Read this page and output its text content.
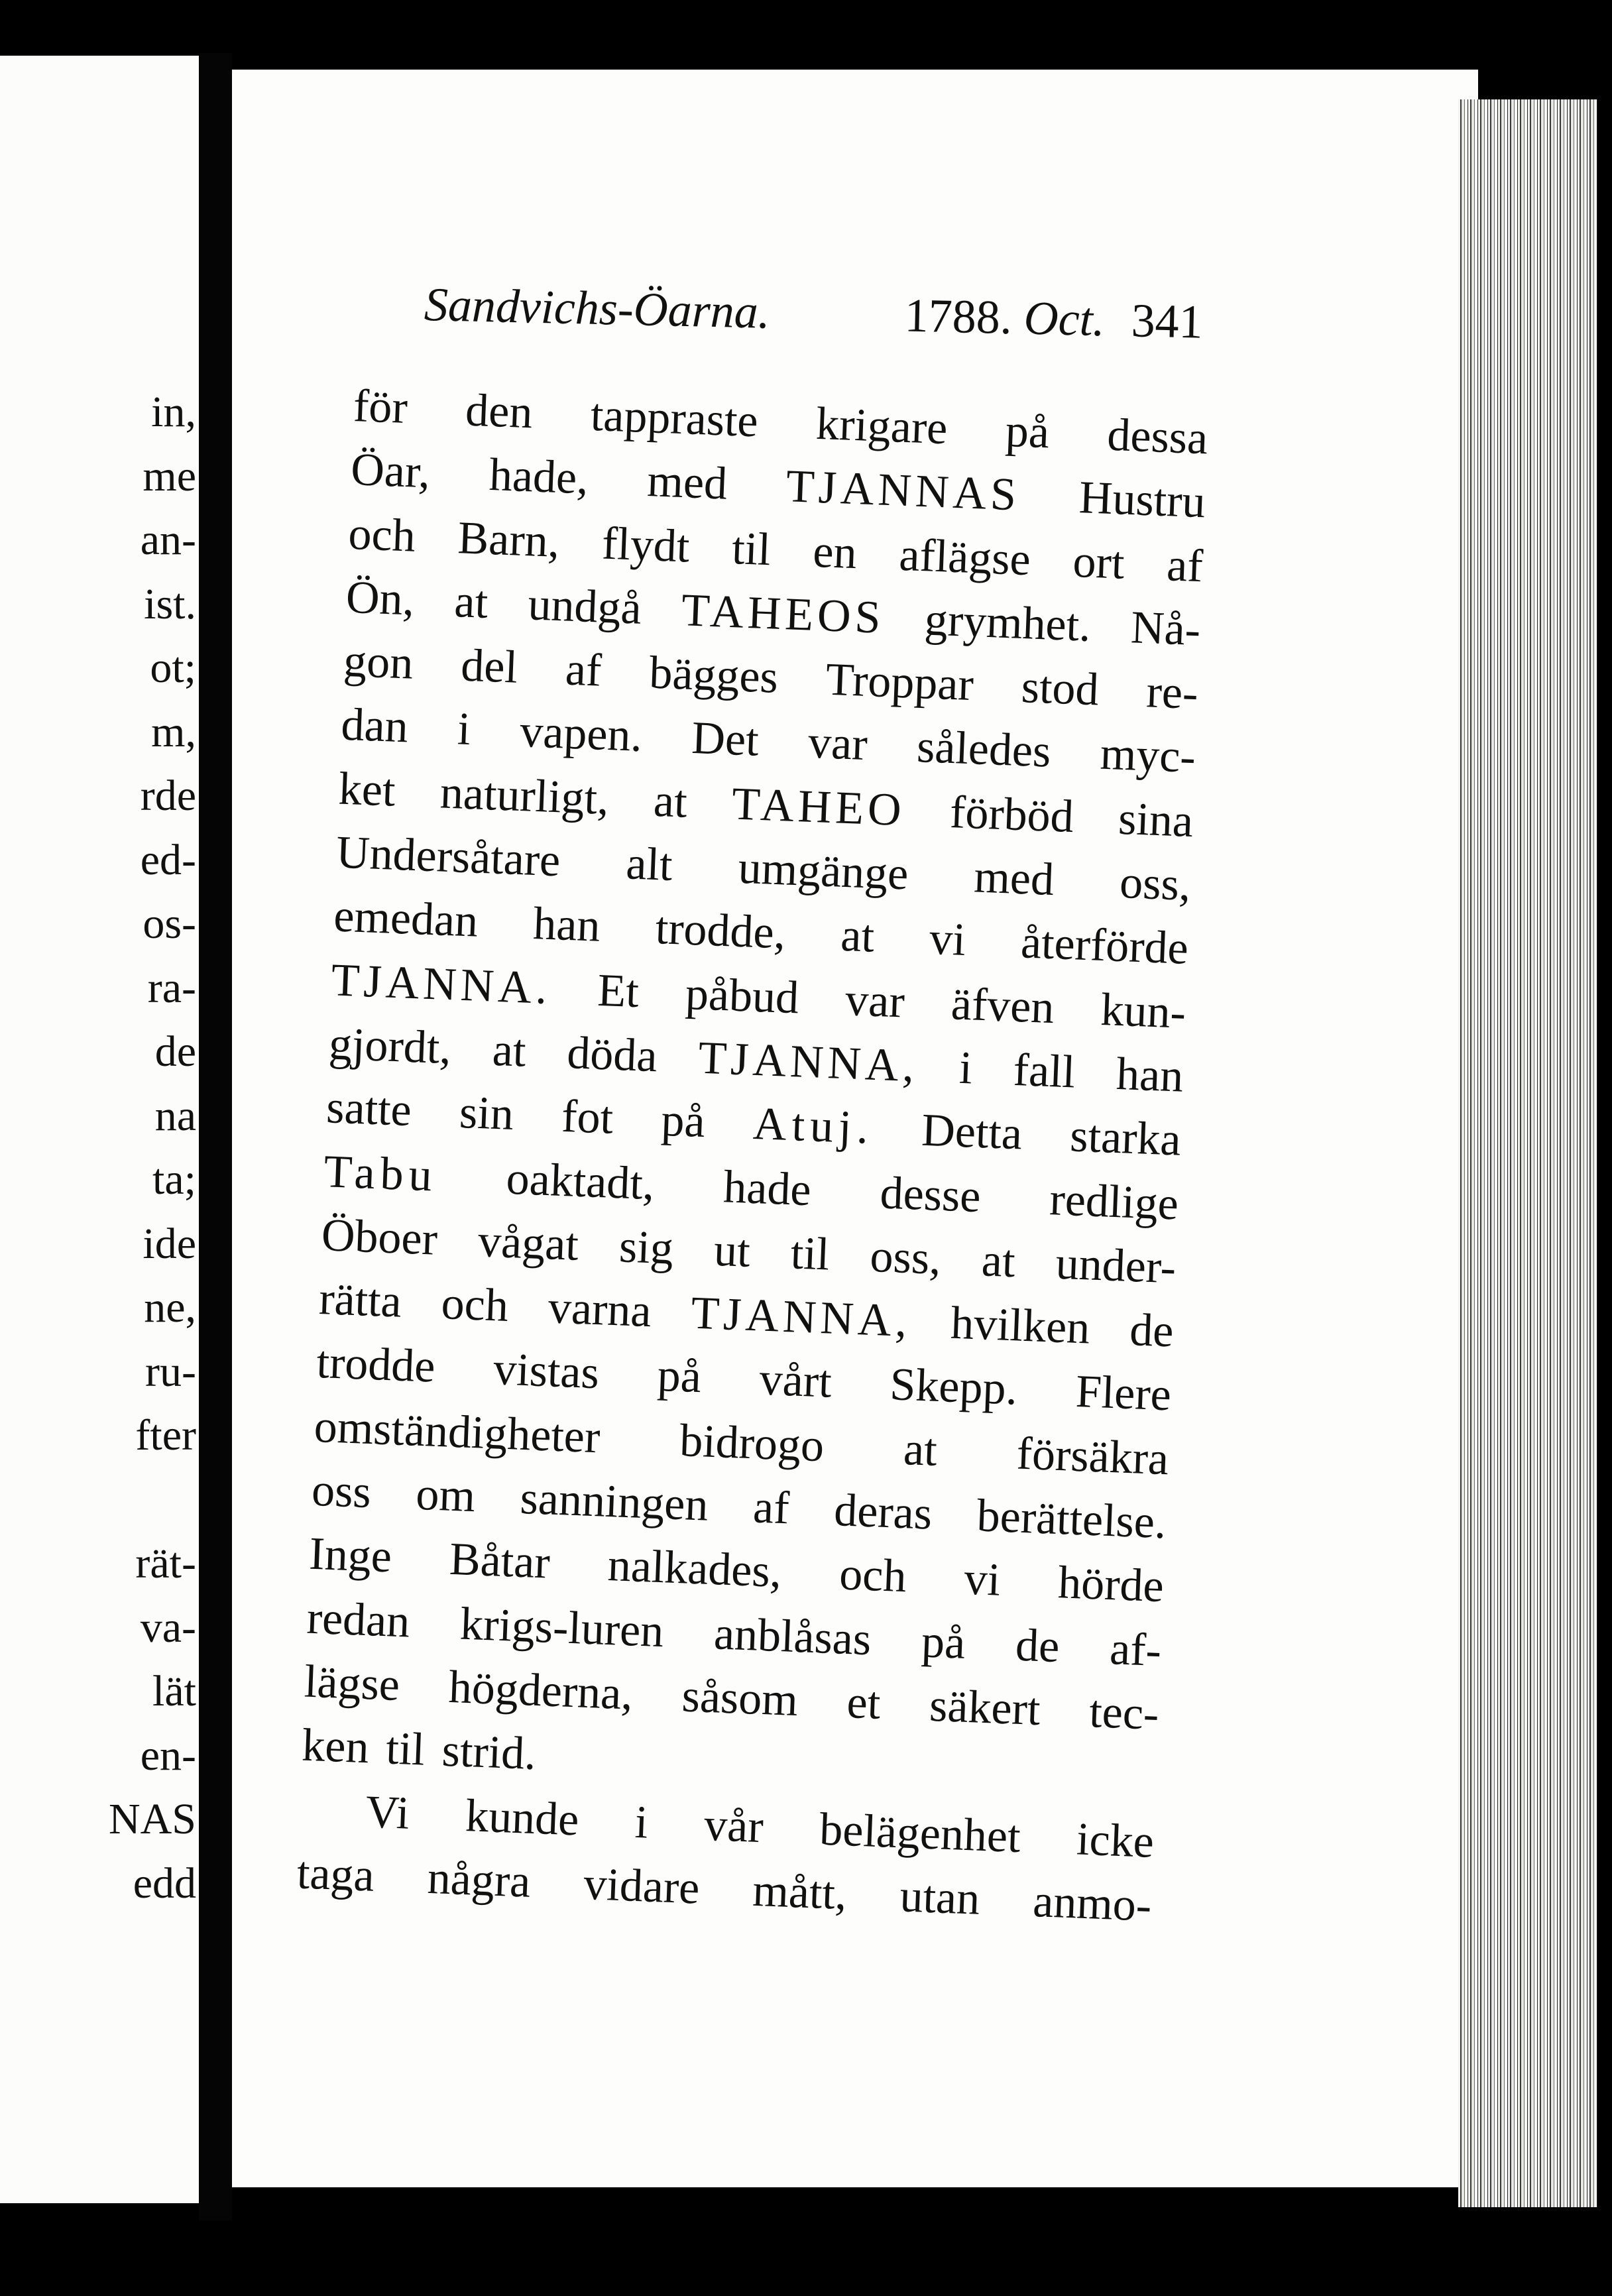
in,
me
an-
ist.
ot;
m,
rde
ed-
os-
ra-
de
na
ta;
ide
ne,
ru-
fter

rät-
va-
lät
en-
NAS
edd
Sandvichs-Öarna.	1788. Oct. 341
för den tappraste krigare på dessa
Öar, hade, med TJANNAS Hustru
och Barn, flydt til en aflägse ort af
Ön, at undgå TAHEOS grymhet. Nå-
gon del af bägges Troppar stod re-
dan i vapen. Det var således myc-
ket naturligt, at TAHEO förböd sina
Undersåtare alt umgänge med oss,
emedan han trodde, at vi återförde
TJANNA. Et påbud var äfven kun-
gjordt, at döda TJANNA, i fall han
satte sin fot på Atuj. Detta starka
Tabu oaktadt, hade desse redlige
Öboer vågat sig ut til oss, at under-
rätta och varna TJANNA, hvilken de
trodde vistas på vårt Skepp. Flere
omständigheter bidrogo at försäkra
oss om sanningen af deras berättelse.
Inge Båtar nalkades, och vi hörde
redan krigs-luren anblåsas på de af-
lägse högderna, såsom et säkert tec-
ken til strid.
Vi kunde i vår belägenhet icke
taga några vidare mått, utan anmo-
